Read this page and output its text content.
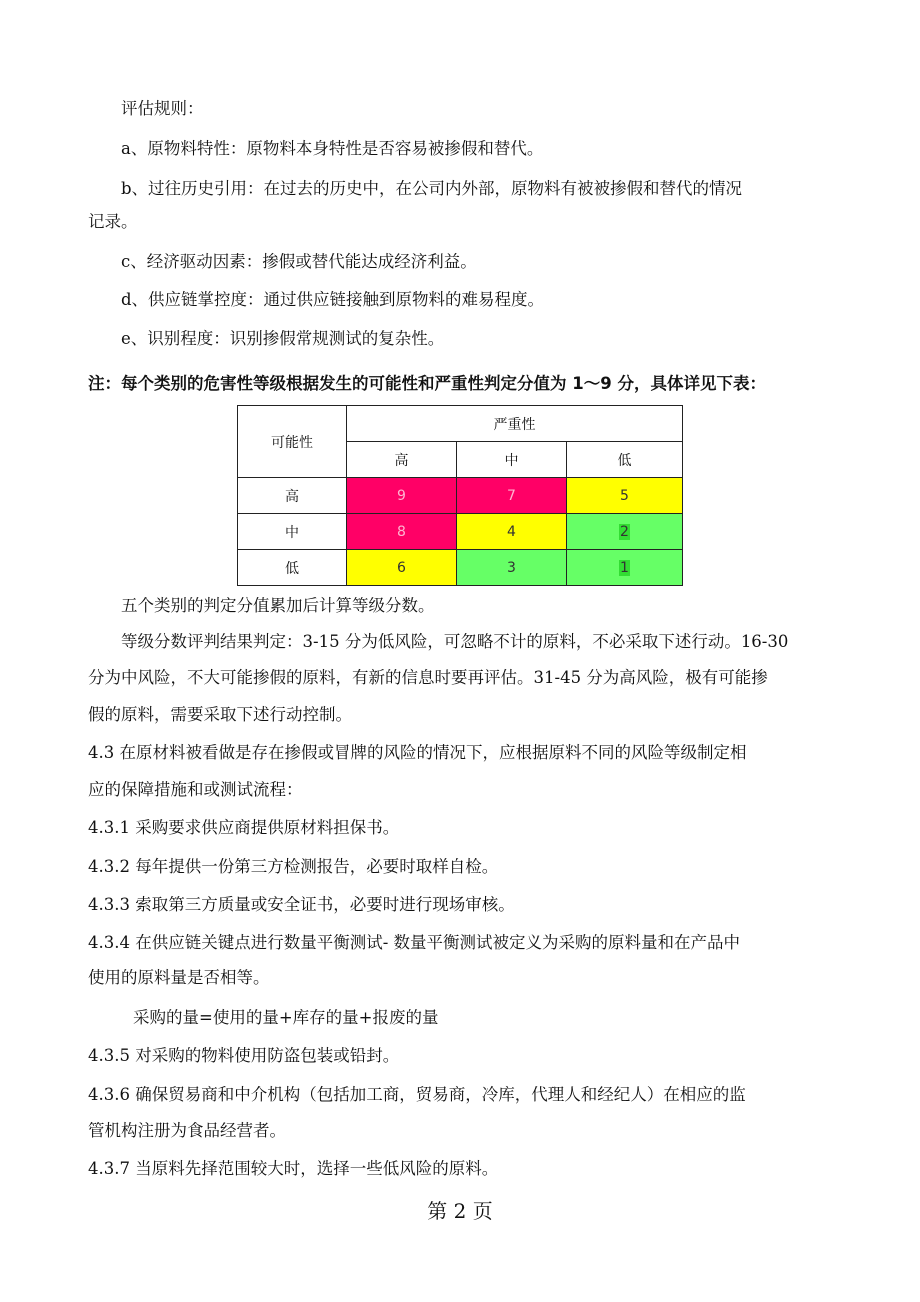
评估规则：
a、原物料特性：原物料本身特性是否容易被掺假和替代。
b、过往历史引用：在过去的历史中，在公司内外部，原物料有被被掺假和替代的情况
记录。
c、经济驱动因素：掺假或替代能达成经济利益。
d、供应链掌控度：通过供应链接触到原物料的难易程度。
e、识别程度：识别掺假常规测试的复杂性。
注：每个类别的危害性等级根据发生的可能性和严重性判定分值为 1～9 分，具体详见下表：
可能性	严重性		
	高	中	低
高	9	7	5
中	8	4	2
低	6	3	1
五个类别的判定分值累加后计算等级分数。
等级分数评判结果判定：3-15 分为低风险，可忽略不计的原料，不必采取下述行动。16-30
分为中风险，不大可能掺假的原料，有新的信息时要再评估。31-45 分为高风险，极有可能掺
假的原料，需要采取下述行动控制。
4.3 在原材料被看做是存在掺假或冒牌的风险的情况下，应根据原料不同的风险等级制定相
应的保障措施和或测试流程：
4.3.1 采购要求供应商提供原材料担保书。
4.3.2 每年提供一份第三方检测报告，必要时取样自检。
4.3.3 索取第三方质量或安全证书，必要时进行现场审核。
4.3.4 在供应链关键点进行数量平衡测试- 数量平衡测试被定义为采购的原料量和在产品中
使用的原料量是否相等。
采购的量=使用的量+库存的量+报废的量
4.3.5 对采购的物料使用防盗包装或铅封。
4.3.6 确保贸易商和中介机构（包括加工商，贸易商，冷库，代理人和经纪人）在相应的监
管机构注册为食品经营者。
4.3.7 当原料先择范围较大时，选择一些低风险的原料。
第 2 页
